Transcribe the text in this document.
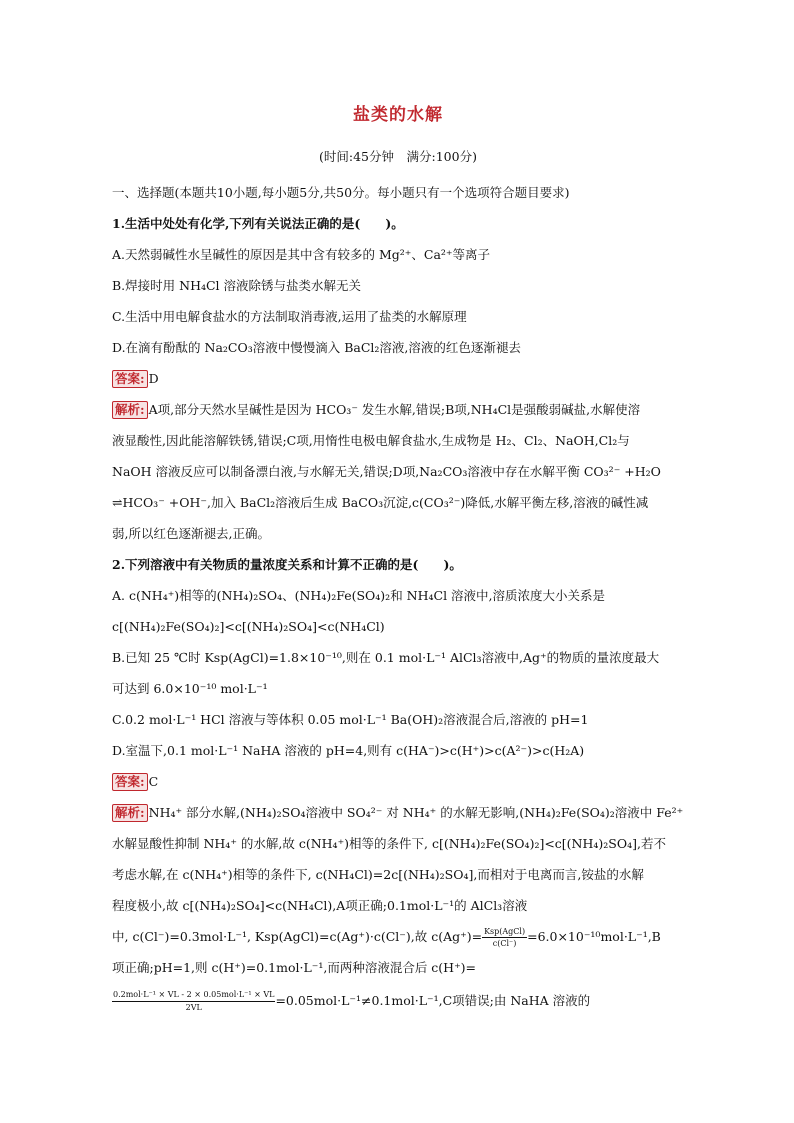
盐类的水解
(时间:45分钟　满分:100分)
一、选择题(本题共10小题,每小题5分,共50分。每小题只有一个选项符合题目要求)
1.生活中处处有化学,下列有关说法正确的是(　　)。
A.天然弱碱性水呈碱性的原因是其中含有较多的 Mg²⁺、Ca²⁺等离子
B.焊接时用 NH₄Cl 溶液除锈与盐类水解无关
C.生活中用电解食盐水的方法制取消毒液,运用了盐类的水解原理
D.在滴有酚酞的 Na₂CO₃溶液中慢慢滴入 BaCl₂溶液,溶液的红色逐渐褪去
答案: D
解析: A项,部分天然水呈碱性是因为 HCO₃⁻ 发生水解,错误;B项,NH₄Cl是强酸弱碱盐,水解使溶
液显酸性,因此能溶解铁锈,错误;C项,用惰性电极电解食盐水,生成物是 H₂、Cl₂、NaOH,Cl₂与
NaOH 溶液反应可以制备漂白液,与水解无关,错误;D项,Na₂CO₃溶液中存在水解平衡 CO₃²⁻ +H₂O
⇌HCO₃⁻ +OH⁻,加入 BaCl₂溶液后生成 BaCO₃沉淀,c(CO₃²⁻)降低,水解平衡左移,溶液的碱性减
弱,所以红色逐渐褪去,正确。
2.下列溶液中有关物质的量浓度关系和计算不正确的是(　　)。
A. c(NH₄⁺)相等的(NH₄)₂SO₄、(NH₄)₂Fe(SO₄)₂和 NH₄Cl 溶液中,溶质浓度大小关系是
c[(NH₄)₂Fe(SO₄)₂]<c[(NH₄)₂SO₄]<c(NH₄Cl)
B.已知 25 ℃时 Ksp(AgCl)=1.8×10⁻¹⁰,则在 0.1 mol·L⁻¹ AlCl₃溶液中,Ag⁺的物质的量浓度最大
可达到 6.0×10⁻¹⁰ mol·L⁻¹
C.0.2 mol·L⁻¹ HCl 溶液与等体积 0.05 mol·L⁻¹ Ba(OH)₂溶液混合后,溶液的 pH=1
D.室温下,0.1 mol·L⁻¹ NaHA 溶液的 pH=4,则有 c(HA⁻)>c(H⁺)>c(A²⁻)>c(H₂A)
答案: C
解析: NH₄⁺ 部分水解,(NH₄)₂SO₄溶液中 SO₄²⁻ 对 NH₄⁺ 的水解无影响,(NH₄)₂Fe(SO₄)₂溶液中 Fe²⁺
水解显酸性抑制 NH₄⁺ 的水解,故 c(NH₄⁺)相等的条件下, c[(NH₄)₂Fe(SO₄)₂]<c[(NH₄)₂SO₄],若不
考虑水解,在 c(NH₄⁺)相等的条件下, c(NH₄Cl)=2c[(NH₄)₂SO₄],而相对于电离而言,铵盐的水解
程度极小,故 c[(NH₄)₂SO₄]<c(NH₄Cl),A项正确;0.1mol·L⁻¹的 AlCl₃溶液
中, c(Cl⁻)=0.3mol·L⁻¹, Ksp(AgCl)=c(Ag⁺)·c(Cl⁻),故 $c(Ag^+)= \frac{\text{Ksp(AgCl)}}{c(Cl^-)} =6.0\times 10^{-10}mol\cdot L^{-1},B$
项正确;pH=1,则 c(H⁺)=0.1mol·L⁻¹,而两种溶液混合后 c(H⁺)=
$\frac{\text{0.2mol·L⁻¹ × VL - 2 × 0.05mol·L⁻¹ × VL}}{2VL} =0.05mol\cdot L^{-1}\ne 0.1mol\cdot L^{-1},C$项错误;由 NaHA 溶液的
